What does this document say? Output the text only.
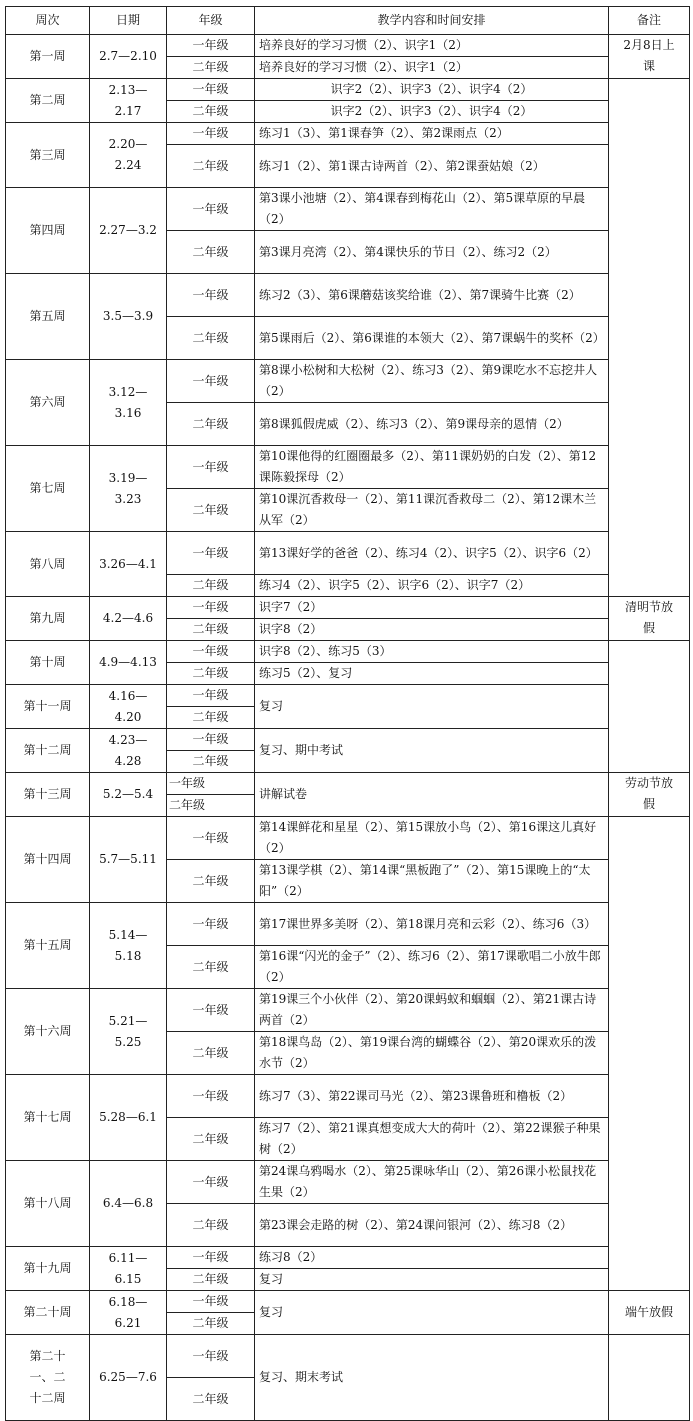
周次	日期	年级	教学内容和时间安排	备注
第一周	2.7—2.10	一年级	培养良好的学习习惯（2）、识字1（2）	2月8日上课

		二年级	培养良好的学习习惯（2）、识字1（2）	
第二周	2.13—2.17	一年级	识字2（2）、识字3（2）、识字4（2）	
		二年级	识字2（2）、识字3（2）、识字4（2）	
第三周	2.20—2.24	一年级	练习1（3）、第1课春笋（2）、第2课雨点（2）	
		二年级	练习1（2）、第1课古诗两首（2）、第2课蚕姑娘（2）	
第四周	2.27—3.2	一年级	第3课小池塘（2）、第4课春到梅花山（2）、第5课草原的早晨（2）	
		二年级	第3课月亮湾（2）、第4课快乐的节日（2）、练习2（2）	
第五周	3.5—3.9	一年级	练习2（3）、第6课蘑菇该奖给谁（2）、第7课骑牛比赛（2）	
		二年级	第5课雨后（2）、第6课谁的本领大（2）、第7课蜗牛的奖杯（2）	
第六周	3.12—3.16	一年级	第8课小松树和大松树（2）、练习3（2）、第9课吃水不忘挖井人（2）	
		二年级	第8课狐假虎威（2）、练习3（2）、第9课母亲的恩情（2）	
第七周	3.19—3.23	一年级	第10课他得的红圈圈最多（2）、第11课奶奶的白发（2）、第12课陈毅探母（2）	
		二年级	第10课沉香救母一（2）、第11课沉香救母二（2）、第12课木兰从军（2）	
第八周	3.26—4.1	一年级	第13课好学的爸爸（2）、练习4（2）、识字5（2）、识字6（2）	
		二年级	练习4（2）、识字5（2）、识字6（2）、识字7（2）	
第九周	4.2—4.6	一年级	识字7（2）	清明节放假

		二年级	识字8（2）	
第十周	4.9—4.13	一年级	识字8（2）、练习5（3）	
		二年级	练习5（2）、复习	
第十一周	4.16—4.20	一年级	复习	
		二年级		
第十二周	4.23—4.28	一年级	复习、期中考试	
		二年级		
第十三周	5.2—5.4	一年级	讲解试卷	劳动节放假

		二年级		
第十四周	5.7—5.11	一年级	第14课鲜花和星星（2）、第15课放小鸟（2）、第16课这儿真好（2）	
		二年级	第13课学棋（2）、第14课“黑板跑了”（2）、第15课晚上的“太阳”（2）	
第十五周	5.14—5.18	一年级	第17课世界多美呀（2）、第18课月亮和云彩（2）、练习6（3）	
		二年级	第16课“闪光的金子”（2）、练习6（2）、第17课歌唱二小放牛郎（2）	
第十六周	5.21—5.25	一年级	第19课三个小伙伴（2）、第20课蚂蚁和蝈蝈（2）、第21课古诗两首（2）	
		二年级	第18课鸟岛（2）、第19课台湾的蝴蝶谷（2）、第20课欢乐的泼水节（2）	
第十七周	5.28—6.1	一年级	练习7（3）、第22课司马光（2）、第23课鲁班和橹板（2）	
		二年级	练习7（2）、第21课真想变成大大的荷叶（2）、第22课猴子种果树（2）	
第十八周	6.4—6.8	一年级	第24课乌鸦喝水（2）、第25课咏华山（2）、第26课小松鼠找花生果（2）	
		二年级	第23课会走路的树（2）、第24课问银河（2）、练习8（2）	
第十九周	6.11—6.15	一年级	练习8（2）	
		二年级	复习	
第二十周	6.18—6.21	一年级	复习	端午放假

		二年级		
第二十一、二十二周	6.25—7.6	一年级	复习、期末考试	
		二年级		
